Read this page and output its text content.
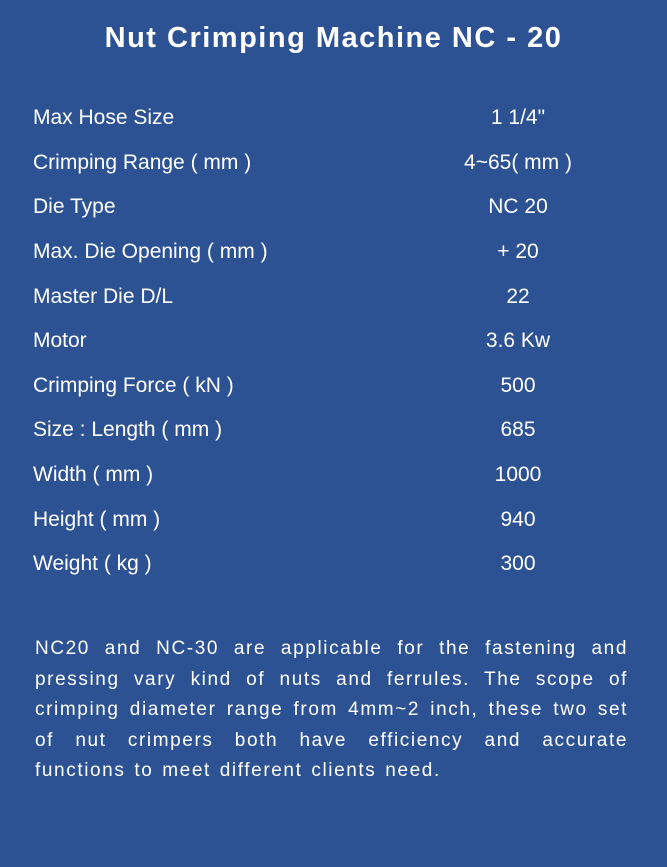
Nut Crimping Machine NC - 20
Max Hose Size	1 1/4"
Crimping Range ( mm )	4~65( mm )
Die Type	NC 20
Max. Die Opening ( mm )	+ 20
Master Die D/L	22
Motor	3.6 Kw
Crimping Force ( kN )	500
Size : Length ( mm )	685
Width ( mm )	1000
Height ( mm )	940
Weight ( kg )	300

NC20 and NC-30 are applicable for the fastening and pressing vary kind of nuts and ferrules. The scope of crimping diameter range from 4mm~2 inch, these two set of nut crimpers both have efficiency and accurate functions to meet different clients need.
